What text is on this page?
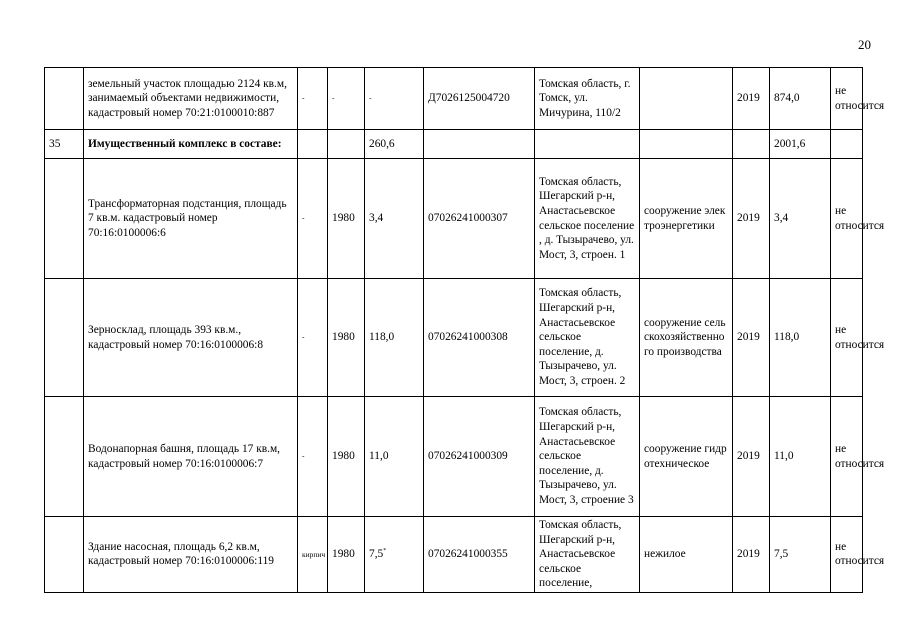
20
	земельный участок площадью 2124 кв.м, занимаемый объектами недвижимости, кадастровый номер 70:21:0100010:887	-	-	-	Д7026125004720	Томская область, г. Томск, ул. Мичурина, 110/2		2019	874,0	не относится
35	Имущественный комплекс в составе:			260,6					2001,6	
	Трансформаторная подстанция, площадь 7 кв.м. кадастровый номер 70:16:0100006:6	-	1980	3,4	07026241000307	Томская область, Шегарский р-н, Анастасьевское сельское поселение , д. Тызырачево, ул. Мост, 3, строен. 1	сооружение электроэнергетики	2019	3,4	не относится
	Зерносклад, площадь 393 кв.м., кадастровый номер 70:16:0100006:8	-	1980	118,0	07026241000308	Томская область, Шегарский р-н, Анастасьевское сельское поселение, д. Тызырачево, ул. Мост, 3, строен. 2	сооружение сельскохозяйственного производства	2019	118,0	не относится
	Водонапорная башня, площадь 17 кв.м, кадастровый номер 70:16:0100006:7	-	1980	11,0	07026241000309	Томская область, Шегарский р-н, Анастасьевское сельское поселение, д. Тызырачево, ул. Мост, 3, строение 3	сооружение гидротехническое	2019	11,0	не относится
	Здание насосная, площадь 6,2 кв.м, кадастровый номер 70:16:0100006:119	кирпич	1980	7,5*	07026241000355	Томская область, Шегарский р-н, Анастасьевское сельское поселение,	нежилое	2019	7,5	не относится
